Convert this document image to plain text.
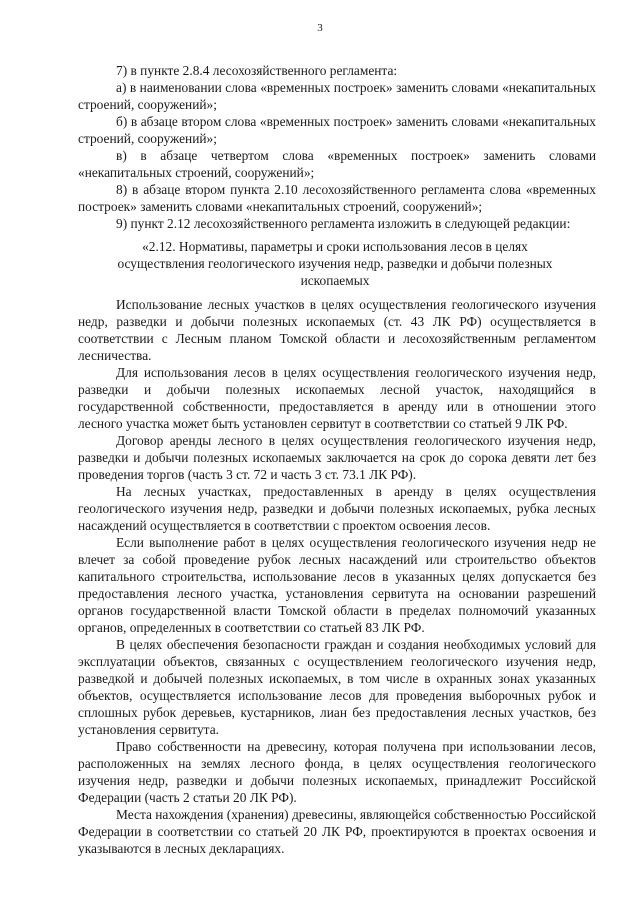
3

7) в пункте 2.8.4 лесохозяйственного регламента:

а) в наименовании слова «временных построек» заменить словами «некапитальных строений, сооружений»;

б) в абзаце втором слова «временных построек» заменить словами «некапитальных строений, сооружений»;

в) в абзаце четвертом слова «временных построек» заменить словами «некапитальных строений, сооружений»;

8) в абзаце втором пункта 2.10 лесохозяйственного регламента слова «временных построек» заменить словами «некапитальных строений, сооружений»;

9) пункт 2.12 лесохозяйственного регламента изложить в следующей редакции:

«2.12. Нормативы, параметры и сроки использования лесов в целях осуществления геологического изучения недр, разведки и добычи полезных ископаемых

Использование лесных участков в целях осуществления геологического изучения недр, разведки и добычи полезных ископаемых (ст. 43 ЛК РФ) осуществляется в соответствии с Лесным планом Томской области и лесохозяйственным регламентом лесничества.

Для использования лесов в целях осуществления геологического изучения недр, разведки и добычи полезных ископаемых лесной участок, находящийся в государственной собственности, предоставляется в аренду или в отношении этого лесного участка может быть установлен сервитут в соответствии со статьей 9 ЛК РФ.

Договор аренды лесного в целях осуществления геологического изучения недр, разведки и добычи полезных ископаемых заключается на срок до сорока девяти лет без проведения торгов (часть 3 ст. 72 и часть 3 ст. 73.1 ЛК РФ).

На лесных участках, предоставленных в аренду в целях осуществления геологического изучения недр, разведки и добычи полезных ископаемых, рубка лесных насаждений осуществляется в соответствии с проектом освоения лесов.

Если выполнение работ в целях осуществления геологического изучения недр не влечет за собой проведение рубок лесных насаждений или строительство объектов капитального строительства, использование лесов в указанных целях допускается без предоставления лесного участка, установления сервитута на основании разрешений органов государственной власти Томской области в пределах полномочий указанных органов, определенных в соответствии со статьей 83 ЛК РФ.

В целях обеспечения безопасности граждан и создания необходимых условий для эксплуатации объектов, связанных с осуществлением геологического изучения недр, разведкой и добычей полезных ископаемых, в том числе в охранных зонах указанных объектов, осуществляется использование лесов для проведения выборочных рубок и сплошных рубок деревьев, кустарников, лиан без предоставления лесных участков, без установления сервитута.

Право собственности на древесину, которая получена при использовании лесов, расположенных на землях лесного фонда, в целях осуществления геологического изучения недр, разведки и добычи полезных ископаемых, принадлежит Российской Федерации (часть 2 статьи 20 ЛК РФ).

Места нахождения (хранения) древесины, являющейся собственностью Российской Федерации в соответствии со статьей 20 ЛК РФ, проектируются в проектах освоения и указываются в лесных декларациях.
